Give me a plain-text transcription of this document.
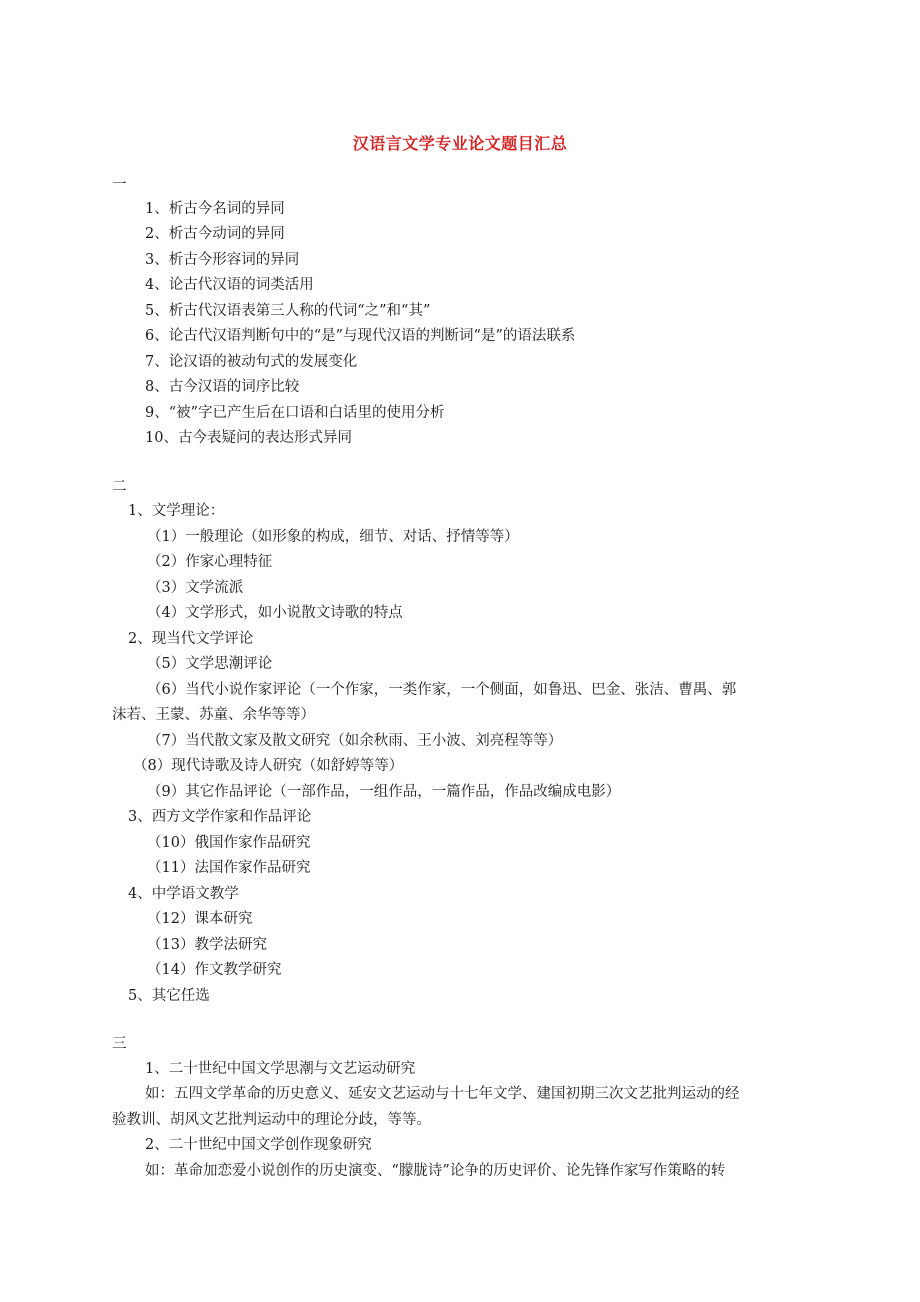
汉语言文学专业论文题目汇总
一
1、析古今名词的异同
2、析古今动词的异同
3、析古今形容词的异同
4、论古代汉语的词类活用
5、析古代汉语表第三人称的代词“之”和“其”
6、论古代汉语判断句中的“是”与现代汉语的判断词“是”的语法联系
7、论汉语的被动句式的发展变化
8、古今汉语的词序比较
9、“被”字已产生后在口语和白话里的使用分析
10、古今表疑问的表达形式异同
二
1、文学理论：
（1）一般理论（如形象的构成，细节、对话、抒情等等）
（2）作家心理特征
（3）文学流派
（4）文学形式，如小说散文诗歌的特点
2、现当代文学评论
（5）文学思潮评论
（6）当代小说作家评论（一个作家，一类作家，一个侧面，如鲁迅、巴金、张洁、曹禺、郭
沫若、王蒙、苏童、余华等等）
（7）当代散文家及散文研究（如余秋雨、王小波、刘亮程等等）
（8）现代诗歌及诗人研究（如舒婷等等）
（9）其它作品评论（一部作品，一组作品，一篇作品，作品改编成电影）
3、西方文学作家和作品评论
（10）俄国作家作品研究
（11）法国作家作品研究
4、中学语文教学
（12）课本研究
（13）教学法研究
（14）作文教学研究
5、其它任选
三
1、二十世纪中国文学思潮与文艺运动研究
如：五四文学革命的历史意义、延安文艺运动与十七年文学、建国初期三次文艺批判运动的经
验教训、胡风文艺批判运动中的理论分歧，等等。
2、二十世纪中国文学创作现象研究
如：革命加恋爱小说创作的历史演变、“朦胧诗”论争的历史评价、论先锋作家写作策略的转
